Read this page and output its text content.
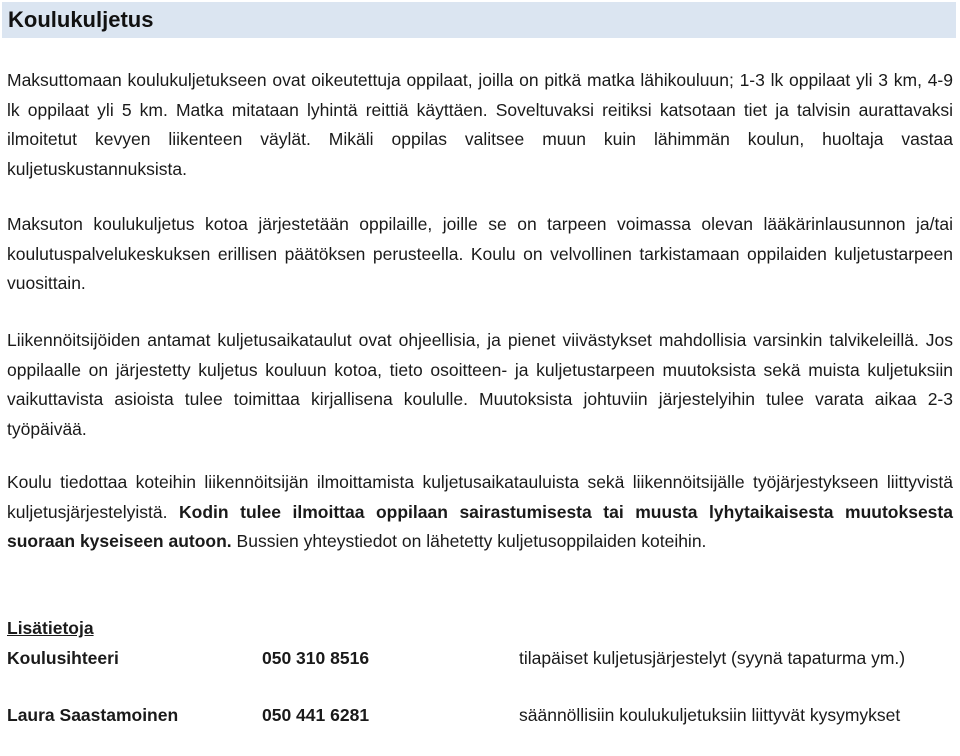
Koulukuljetus

Maksuttomaan koulukuljetukseen ovat oikeutettuja oppilaat, joilla on pitkä matka lähikouluun; 1-3 lk oppilaat yli 3 km, 4-9 lk oppilaat yli 5 km. Matka mitataan lyhintä reittiä käyttäen. Soveltuvaksi reitiksi katsotaan tiet ja talvisin aurattavaksi ilmoitetut kevyen liikenteen väylät. Mikäli oppilas valitsee muun kuin lähimmän koulun, huoltaja vastaa kuljetuskustannuksista.

Maksuton koulukuljetus kotoa järjestetään oppilaille, joille se on tarpeen voimassa olevan lääkärinlausunnon ja/tai koulutuspalvelukeskuksen erillisen päätöksen perusteella. Koulu on velvollinen tarkistamaan oppilaiden kuljetustarpeen vuosittain.

Liikennöitsijöiden antamat kuljetusaikataulut ovat ohjeellisia, ja pienet viivästykset mahdollisia varsinkin talvikeleillä. Jos oppilaalle on järjestetty kuljetus kouluun kotoa, tieto osoitteen- ja kuljetustarpeen muutoksista sekä muista kuljetuksiin vaikuttavista asioista tulee toimittaa kirjallisena koululle. Muutoksista johtuviin järjestelyihin tulee varata aikaa 2-3 työpäivää.

Koulu tiedottaa koteihin liikennöitsijän ilmoittamista kuljetusaikatauluista sekä liikennöitsijälle työjärjestykseen liittyvistä kuljetusjärjestelyistä. Kodin tulee ilmoittaa oppilaan sairastumisesta tai muusta lyhytaikaisesta muutoksesta suoraan kyseiseen autoon. Bussien yhteystiedot on lähetetty kuljetusoppilaiden koteihin.

Lisätietoja

Koulusihteeri	050 310 8516	tilapäiset kuljetusjärjestelyt (syynä tapaturma ym.)
Laura Saastamoinen	050 441 6281	säännöllisiin koulukuljetuksiin liittyvät kysymykset
